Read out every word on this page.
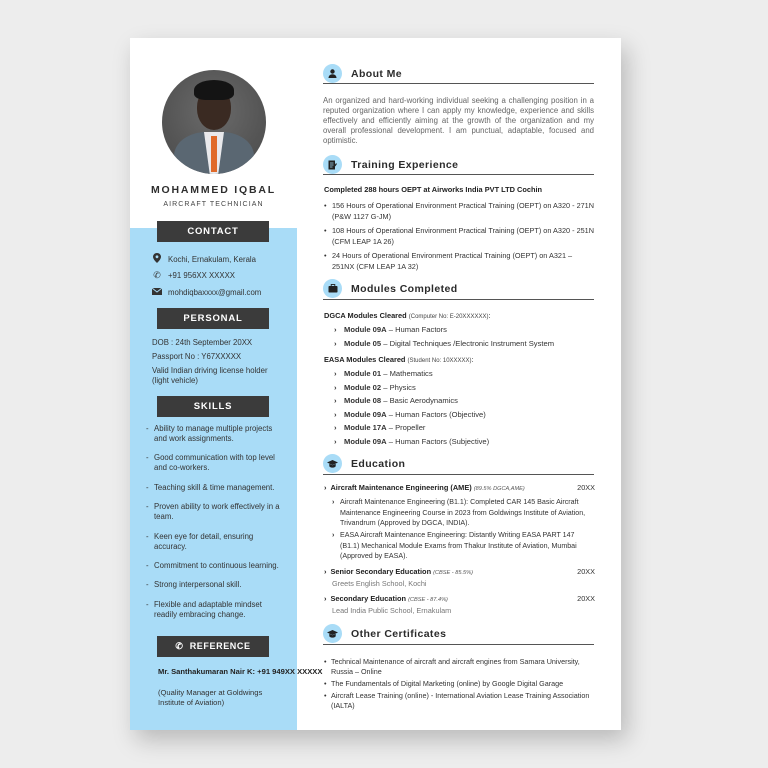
MOHAMMED IQBAL
AIRCRAFT TECHNICIAN
CONTACT
Kochi, Ernakulam, Kerala
✆ +91 956XX XXXXX
mohdiqbaxxxx@gmail.com
PERSONAL
DOB : 24th September 20XX
Passport No : Y67XXXXX
Valid Indian driving license holder (light vehicle)
SKILLS
- Ability to manage multiple projects and work assignments.
- Good communication with top level and co-workers.
- Teaching skill & time management.
- Proven ability to work effectively in a team.
- Keen eye for detail, ensuring accuracy.
- Commitment to continuous learning.
- Strong interpersonal skill.
- Flexible and adaptable mindset readily embracing change.
✆  REFERENCE
Mr. Santhakumaran Nair K: +91 949XX XXXXX
(Quality Manager at Goldwings Institute of Aviation)
About Me
An organized and hard-working individual seeking a challenging position in a reputed organization where I can apply my knowledge, experience and skills effectively and efficiently aiming at the growth of the organization and my overall professional development. I am punctual, adaptable, focused and optimistic.
Training Experience
Completed 288 hours OEPT at Airworks India PVT LTD Cochin
• 156 Hours of Operational Environment Practical Training (OEPT) on A320 - 271N (P&W 1127 G-JM)
• 108 Hours of Operational Environment Practical Training (OEPT) on A320 - 251N (CFM LEAP 1A 26)
• 24 Hours of Operational Environment Practical Training (OEPT) on A321 – 251NX (CFM LEAP 1A 32)
Modules Completed
DGCA Modules Cleared (Computer No: E-20XXXXXX):
› Module 09A – Human Factors
› Module 05 – Digital Techniques /Electronic Instrument System
EASA Modules Cleared (Student No: 10XXXXX):
› Module 01 – Mathematics
› Module 02 – Physics
› Module 08 – Basic Aerodynamics
› Module 09A – Human Factors (Objective)
› Module 17A – Propeller
› Module 09A – Human Factors (Subjective)
Education
› Aircraft Maintenance Engineering (AME) (89.5% DGCA,AME)	20XX
› Aircraft Maintenance Engineering (B1.1): Completed CAR 145 Basic Aircraft Maintenance Engineering Course in 2023 from Goldwings Institute of Aviation, Trivandrum (Approved by DGCA, INDIA).
› EASA Aircraft Maintenance Engineering: Distantly Writing EASA PART 147 (B1.1) Mechanical Module Exams from Thakur Institute of Aviation, Mumbai (Approved by EASA).
› Senior Secondary Education (CBSE - 85.5%)	20XX
Greets English School, Kochi
› Secondary Education (CBSE - 87.4%)	20XX
Lead India Public School, Ernakulam
Other Certificates
• Technical Maintenance of aircraft and aircraft engines from Samara University, Russia – Online
• The Fundamentals of Digital Marketing (online) by Google Digital Garage
• Aircraft Lease Training (online) - International Aviation Lease Training Association (IALTA)
